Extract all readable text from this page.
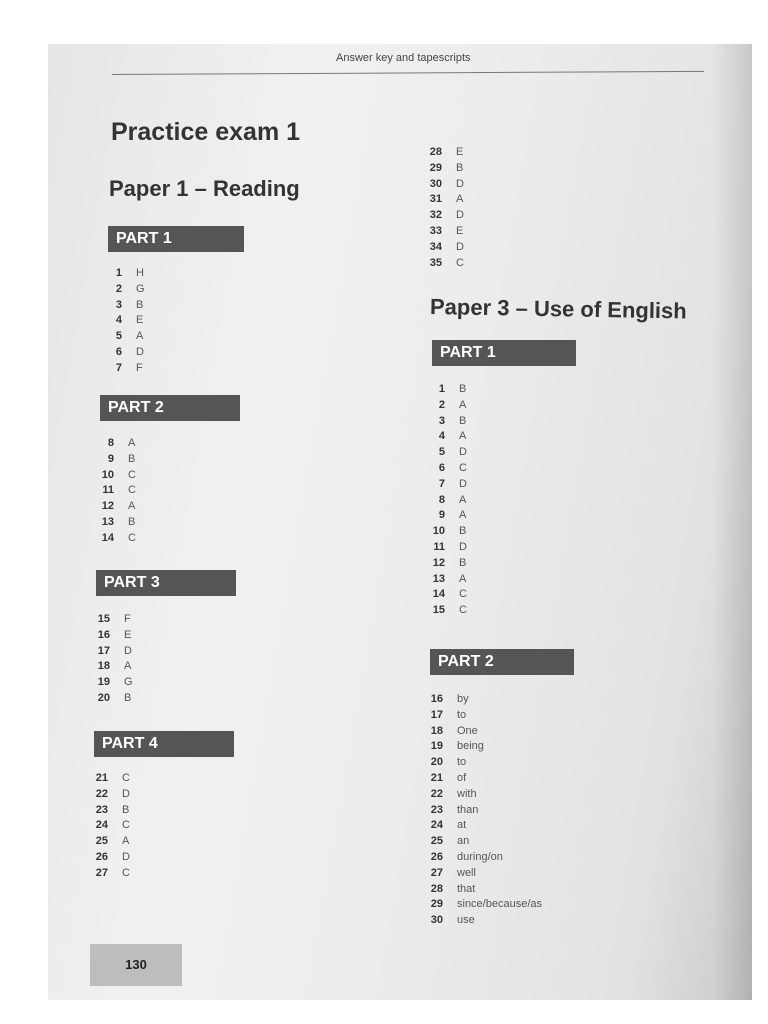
Answer key and tapescripts
Practice exam 1
Paper 1 – Reading
PART 1
1 H
2 G
3 B
4 E
5 A
6 D
7 F
PART 2
8 A
9 B
10 C
11 C
12 A
13 B
14 C
PART 3
15 F
16 E
17 D
18 A
19 G
20 B
PART 4
21 C
22 D
23 B
24 C
25 A
26 D
27 C
28 E
29 B
30 D
31 A
32 D
33 E
34 D
35 C
Paper 3 – Use of English
PART 1
1 B
2 A
3 B
4 A
5 D
6 C
7 D
8 A
9 A
10 B
11 D
12 B
13 A
14 C
15 C
PART 2
16 by
17 to
18 One
19 being
20 to
21 of
22 with
23 than
24 at
25 an
26 during/on
27 well
28 that
29 since/because/as
30 use
130
